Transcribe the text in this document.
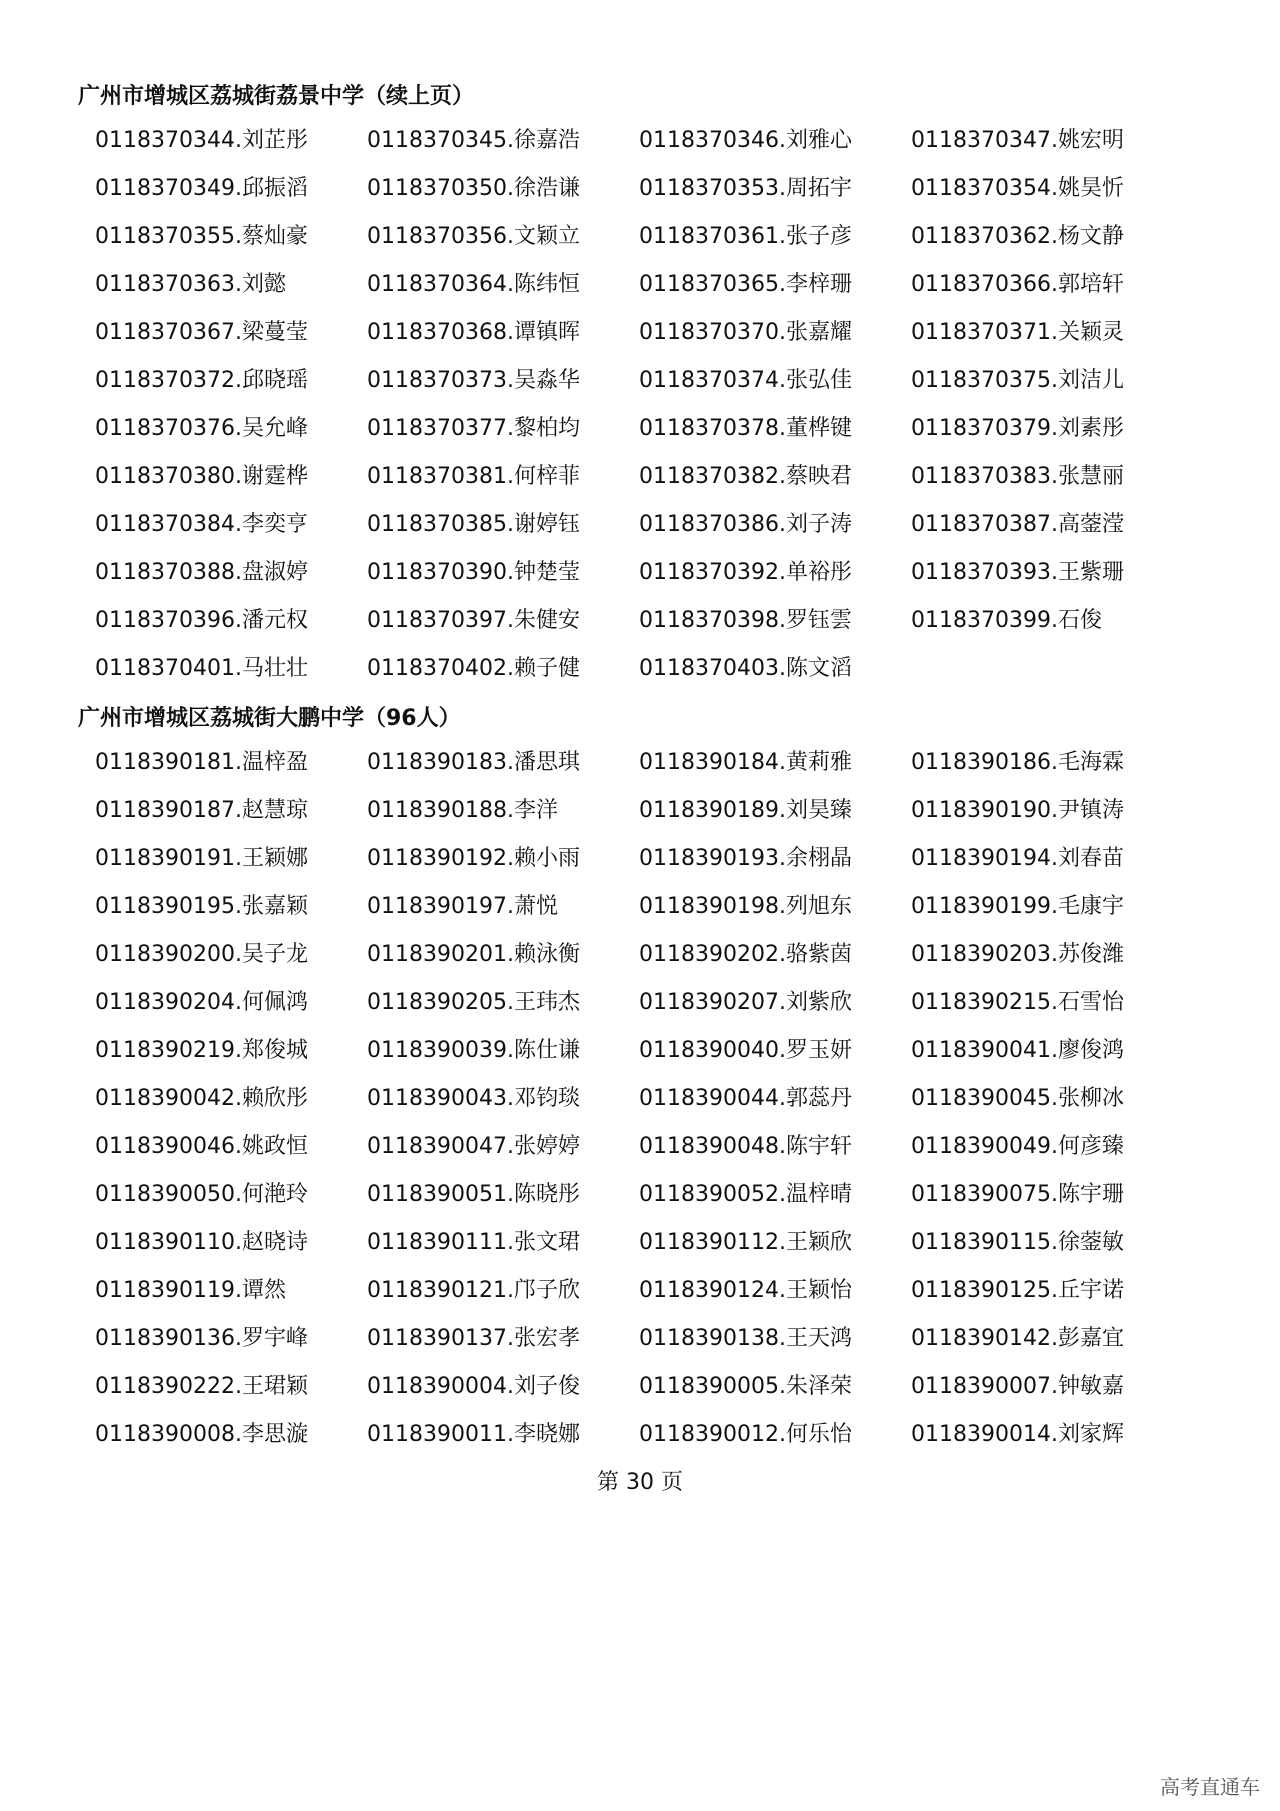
广州市增城区荔城街荔景中学（续上页）
0118370344.刘芷彤	0118370345.徐嘉浩	0118370346.刘雅心	0118370347.姚宏明
0118370349.邱振滔	0118370350.徐浩谦	0118370353.周拓宇	0118370354.姚昊忻
0118370355.蔡灿豪	0118370356.文颖立	0118370361.张子彦	0118370362.杨文静
0118370363.刘懿	0118370364.陈纬恒	0118370365.李梓珊	0118370366.郭培轩
0118370367.梁蔓莹	0118370368.谭镇晖	0118370370.张嘉耀	0118370371.关颖灵
0118370372.邱晓瑶	0118370373.吴淼华	0118370374.张弘佳	0118370375.刘洁儿
0118370376.吴允峰	0118370377.黎柏均	0118370378.董桦键	0118370379.刘素彤
0118370380.谢霆桦	0118370381.何梓菲	0118370382.蔡映君	0118370383.张慧丽
0118370384.李奕亨	0118370385.谢婷钰	0118370386.刘子涛	0118370387.高蓥滢
0118370388.盘淑婷	0118370390.钟楚莹	0118370392.单裕彤	0118370393.王紫珊
0118370396.潘元权	0118370397.朱健安	0118370398.罗钰雲	0118370399.石俊
0118370401.马壮壮	0118370402.赖子健	0118370403.陈文滔
广州市增城区荔城街大鹏中学（96人）
0118390181.温梓盈	0118390183.潘思琪	0118390184.黄莉雅	0118390186.毛海霖
0118390187.赵慧琼	0118390188.李洋	0118390189.刘昊臻	0118390190.尹镇涛
0118390191.王颖娜	0118390192.赖小雨	0118390193.余栩晶	0118390194.刘春苗
0118390195.张嘉颖	0118390197.萧悦	0118390198.列旭东	0118390199.毛康宇
0118390200.吴子龙	0118390201.赖泳衡	0118390202.骆紫茵	0118390203.苏俊潍
0118390204.何佩鸿	0118390205.王玮杰	0118390207.刘紫欣	0118390215.石雪怡
0118390219.郑俊城	0118390039.陈仕谦	0118390040.罗玉妍	0118390041.廖俊鸿
0118390042.赖欣彤	0118390043.邓钧琰	0118390044.郭蕊丹	0118390045.张柳冰
0118390046.姚政恒	0118390047.张婷婷	0118390048.陈宇轩	0118390049.何彦臻
0118390050.何滟玲	0118390051.陈晓彤	0118390052.温梓晴	0118390075.陈宇珊
0118390110.赵晓诗	0118390111.张文珺	0118390112.王颖欣	0118390115.徐蓥敏
0118390119.谭然	0118390121.邝子欣	0118390124.王颖怡	0118390125.丘宇诺
0118390136.罗宇峰	0118390137.张宏孝	0118390138.王天鸿	0118390142.彭嘉宜
0118390222.王珺颖	0118390004.刘子俊	0118390005.朱泽荣	0118390007.钟敏嘉
0118390008.李思漩	0118390011.李晓娜	0118390012.何乐怡	0118390014.刘家辉
第 30 页
高考直通车
